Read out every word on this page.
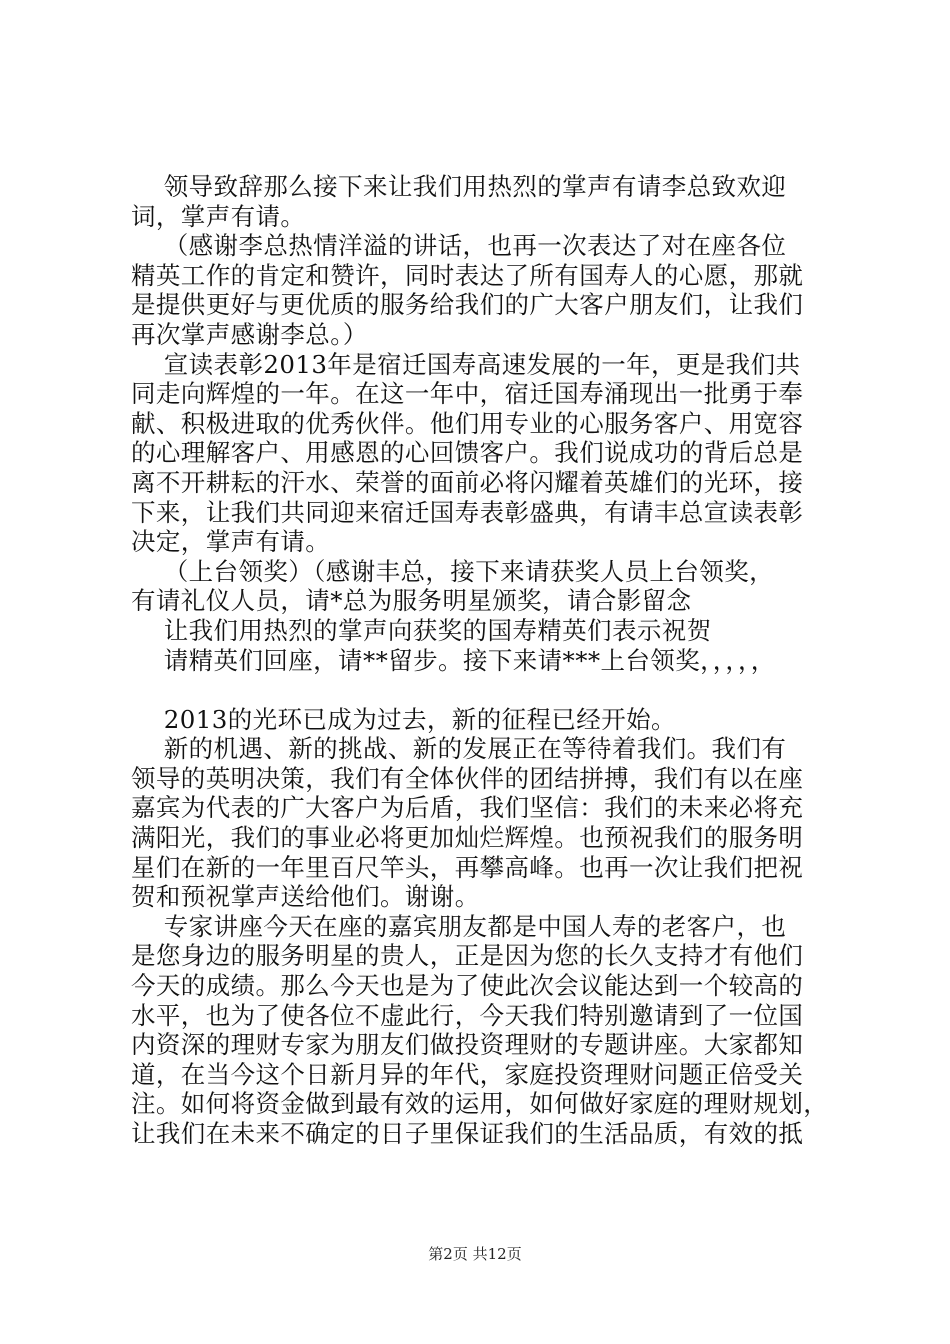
领导致辞那么接下来让我们用热烈的掌声有请李总致欢迎
词，掌声有请。
（感谢李总热情洋溢的讲话，也再一次表达了对在座各位
精英工作的肯定和赞许，同时表达了所有国寿人的心愿，那就
是提供更好与更优质的服务给我们的广大客户朋友们，让我们
再次掌声感谢李总。）
宣读表彰2013年是宿迁国寿高速发展的一年，更是我们共
同走向辉煌的一年。在这一年中，宿迁国寿涌现出一批勇于奉
献、积极进取的优秀伙伴。他们用专业的心服务客户、用宽容
的心理解客户、用感恩的心回馈客户。我们说成功的背后总是
离不开耕耘的汗水、荣誉的面前必将闪耀着英雄们的光环，接
下来，让我们共同迎来宿迁国寿表彰盛典，有请丰总宣读表彰
决定，掌声有请。
（上台领奖）（感谢丰总，接下来请获奖人员上台领奖，
有请礼仪人员，请*总为服务明星颁奖，请合影留念
让我们用热烈的掌声向获奖的国寿精英们表示祝贺
请精英们回座，请**留步。接下来请***上台领奖，，，，，
2013的光环已成为过去，新的征程已经开始。
新的机遇、新的挑战、新的发展正在等待着我们。我们有
领导的英明决策，我们有全体伙伴的团结拼搏，我们有以在座
嘉宾为代表的广大客户为后盾，我们坚信：我们的未来必将充
满阳光，我们的事业必将更加灿烂辉煌。也预祝我们的服务明
星们在新的一年里百尺竿头，再攀高峰。也再一次让我们把祝
贺和预祝掌声送给他们。谢谢。
专家讲座今天在座的嘉宾朋友都是中国人寿的老客户，也
是您身边的服务明星的贵人，正是因为您的长久支持才有他们
今天的成绩。那么今天也是为了使此次会议能达到一个较高的
水平，也为了使各位不虚此行，今天我们特别邀请到了一位国
内资深的理财专家为朋友们做投资理财的专题讲座。大家都知
道，在当今这个日新月异的年代，家庭投资理财问题正倍受关
注。如何将资金做到最有效的运用，如何做好家庭的理财规划，
让我们在未来不确定的日子里保证我们的生活品质，有效的抵
第2页 共12页
